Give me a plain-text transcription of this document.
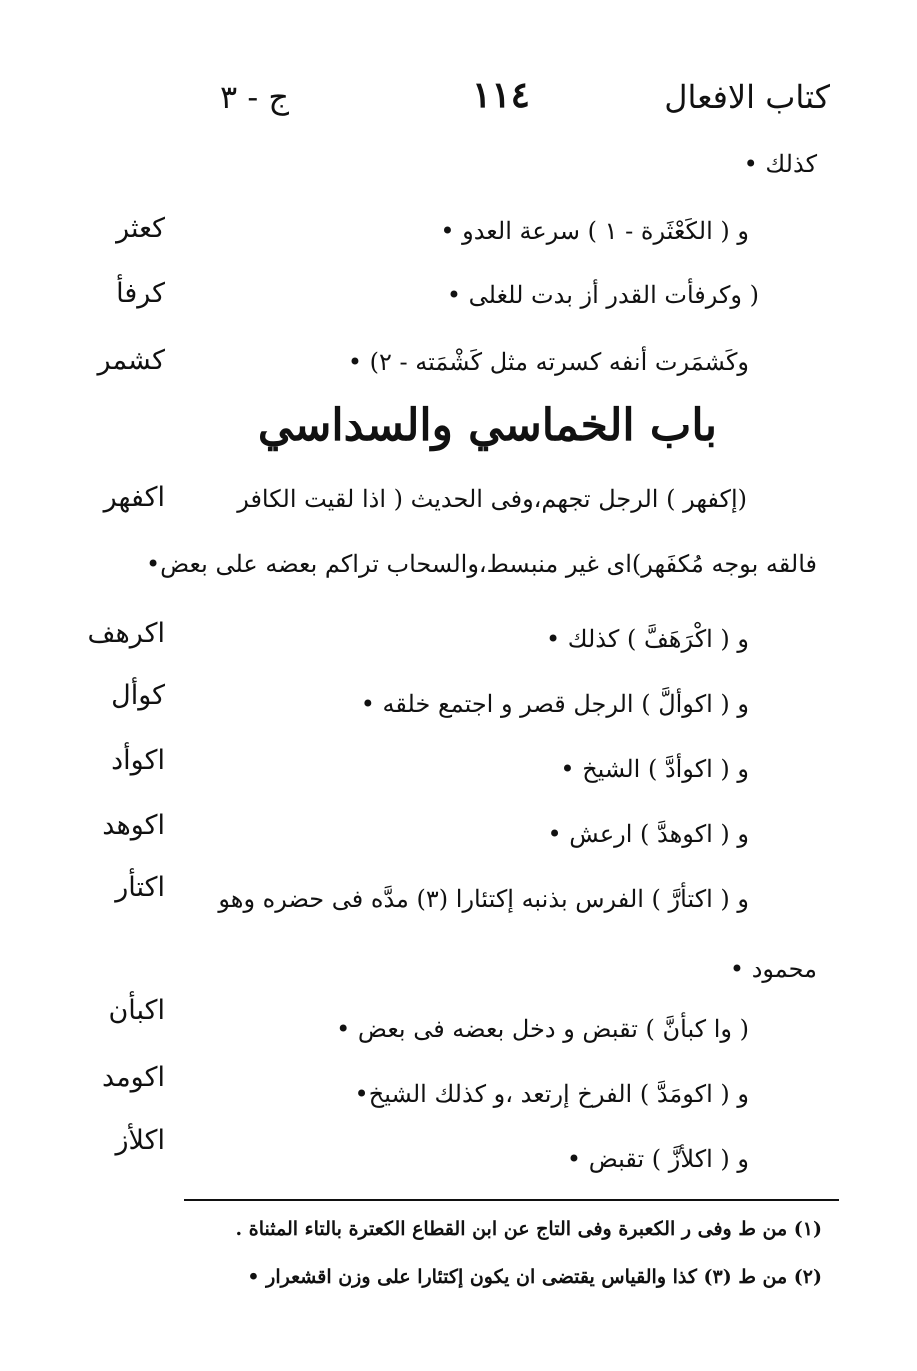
كتاب الافعال
١١٤
ج - ٣
كذلك •
و ( الكَعْثَرة - ١ ) سرعة العدو •
( وكرفأت القدر أز بدت للغلى •
وكَشمَرت أنفه كسرته مثل كَشْمَته - ٢) •
باب الخماسي والسداسي
(إكفهر ) الرجل تجهم،وفى الحديث ( اذا لقيت الكافر
فالقه بوجه مُكفَهر)اى غير منبسط،والسحاب تراكم بعضه على بعض•
و ( اكْرَهَفَّ ) كذلك •
و ( اكوألَّ ) الرجل قصر و اجتمع خلقه •
و ( اكوأدَّ ) الشيخ •
و ( اكوهدَّ ) ارعش •
و ( اكتأرَّ ) الفرس بذنبه إكتئارا (٣) مدَّه فى حضره وهو
محمود •
( وا كبأنَّ ) تقبض و دخل بعضه فى بعض •
و ( اكومَدَّ ) الفرخ إرتعد ،و كذلك الشيخ•
و ( اكلأزَّ ) تقبض •
كعثر
كرفأ
كشمر
اكفهر
اكرهف
كوأل
اكوأد
اكوهد
اكتأر
اكبأن
اكومد
اكلأز
(١) من ط وفى ر الكعبرة وفى التاج عن ابن القطاع الكعترة بالتاء المثناة .
(٢) من ط (٣) كذا والقياس يقتضى ان يكون إكتئارا على وزن اقشعرار •
